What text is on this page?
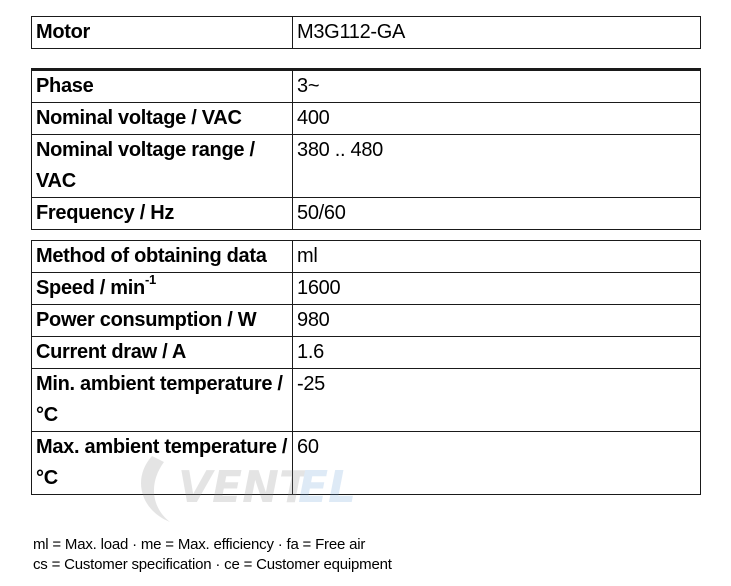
Motor	M3G112-GA
Phase	3~
Nominal voltage / VAC	400
Nominal voltage range / VAC	380 .. 480
Frequency / Hz	50/60
Method of obtaining data	ml
Speed / $\min^{-1}$	1600
Power consumption / W	980
Current draw / A	1.6
Min. ambient temperature / °C	-25
Max. ambient temperature / °C	60
VENT
EL
ml = Max. load · me = Max. efficiency · fa = Free air
cs = Customer specification · ce = Customer equipment
